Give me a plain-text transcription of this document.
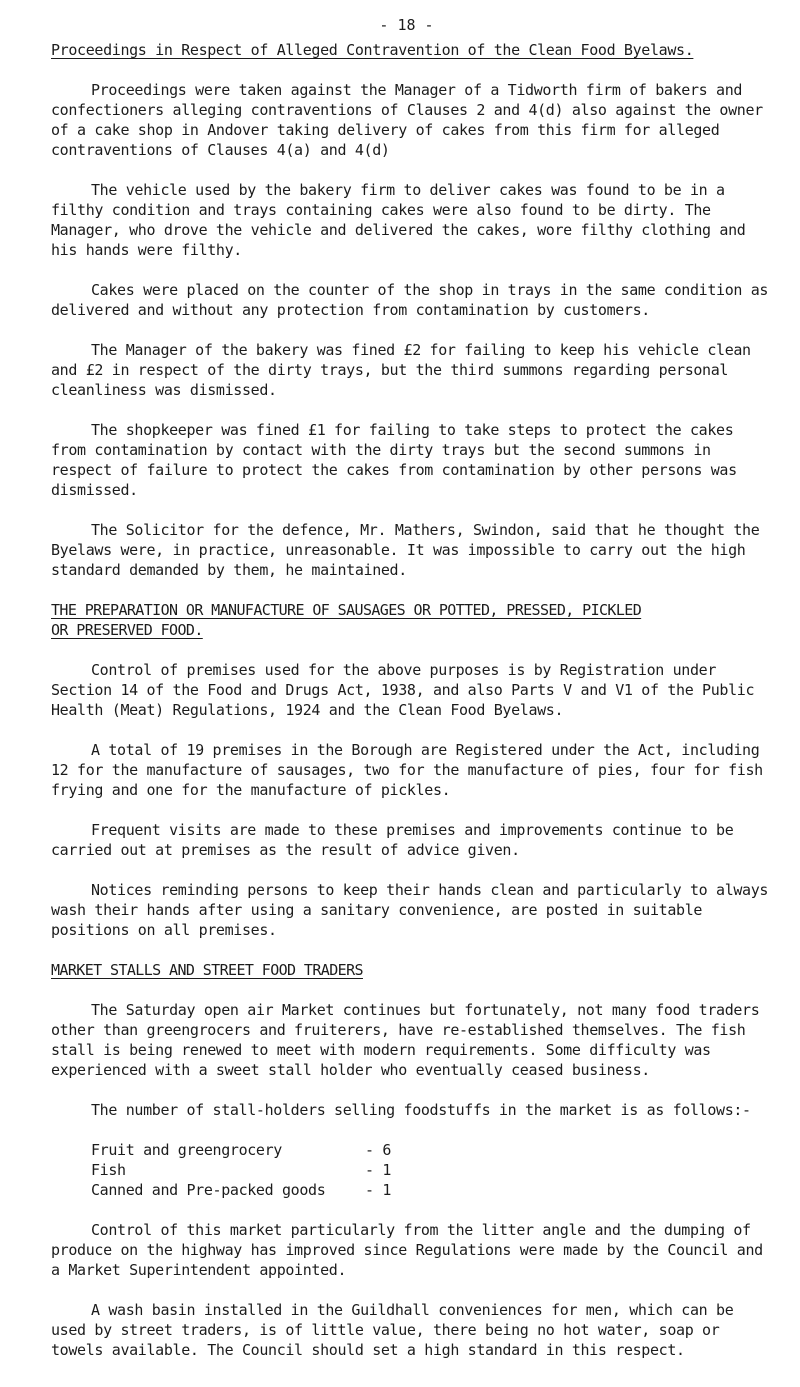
- 18 -
Proceedings in Respect of Alleged Contravention of the Clean Food Byelaws.

Proceedings were taken against the Manager of a Tidworth firm of bakers and confectioners alleging contraventions of Clauses 2 and 4(d) also against the owner of a cake shop in Andover taking delivery of cakes from this firm for alleged contraventions of Clauses 4(a) and 4(d)

The vehicle used by the bakery firm to deliver cakes was found to be in a filthy condition and trays containing cakes were also found to be dirty. The Manager, who drove the vehicle and delivered the cakes, wore filthy clothing and his hands were filthy.

Cakes were placed on the counter of the shop in trays in the same condition as delivered and without any protection from contamination by customers.

The Manager of the bakery was fined £2 for failing to keep his vehicle clean and £2 in respect of the dirty trays, but the third summons regarding personal cleanliness was dismissed.

The shopkeeper was fined £1 for failing to take steps to protect the cakes from contamination by contact with the dirty trays but the second summons in respect of failure to protect the cakes from contamination by other persons was dismissed.

The Solicitor for the defence, Mr. Mathers, Swindon, said that he thought the Byelaws were, in practice, unreasonable. It was impossible to carry out the high standard demanded by them, he maintained.

THE PREPARATION OR MANUFACTURE OF SAUSAGES OR POTTED, PRESSED, PICKLED
OR PRESERVED FOOD.

Control of premises used for the above purposes is by Registration under Section 14 of the Food and Drugs Act, 1938, and also Parts V and V1 of the Public Health (Meat) Regulations, 1924 and the Clean Food Byelaws.

A total of 19 premises in the Borough are Registered under the Act, including 12 for the manufacture of sausages, two for the manufacture of pies, four for fish frying and one for the manufacture of pickles.

Frequent visits are made to these premises and improvements continue to be carried out at premises as the result of advice given.

Notices reminding persons to keep their hands clean and particularly to always wash their hands after using a sanitary convenience, are posted in suitable positions on all premises.

MARKET STALLS AND STREET FOOD TRADERS

The Saturday open air Market continues but fortunately, not many food traders other than greengrocers and fruiterers, have re-established themselves. The fish stall is being renewed to meet with modern requirements. Some difficulty was experienced with a sweet stall holder who eventually ceased business.

The number of stall-holders selling foodstuffs in the market is as follows:-

Fruit and greengrocery	- 6
Fish	- 1
Canned and Pre-packed goods	- 1

Control of this market particularly from the litter angle and the dumping of produce on the highway has improved since Regulations were made by the Council and a Market Superintendent appointed.

A wash basin installed in the Guildhall conveniences for men, which can be used by street traders, is of little value, there being no hot water, soap or towels available. The Council should set a high standard in this respect.
